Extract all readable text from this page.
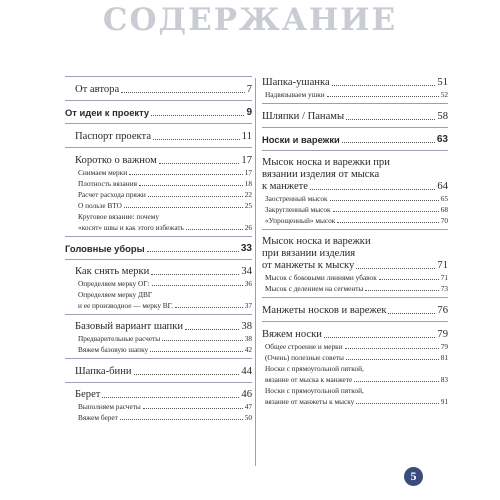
СОДЕРЖАНИЕ
От автора	7
От идеи к проекту	9
Паспорт проекта	11
Коротко о важном	17
Снимаем мерки	17
Плотность вязания	18
Расчет расхода пряжи	22
О пользе ВТО	25
Круговое вязание: почему
«косят» швы и как этого избежать	26
Головные уборы	33
Как снять мерки	34
Определяем мерку ОГ:	36
Определяем мерку ДВГ
и ее производное — мерку ВГ.	37
Базовый вариант шапки	38
Предварительные расчеты	38
Вяжем базовую шапку	42
Шапка-бини	44
Берет	46
Выполняем расчеты	47
Вяжем берет	50
Шапка-ушанка	51
Надвязываем ушки	52
Шляпки / Панамы	58
Носки и варежки	63
Мысок носка и варежки при
вязании изделия от мыска
к манжете	64
Заостренный мысок	65
Закругленный мысок	68
«Упрощенный» мысок	70
Мысок носка и варежки
при вязании изделия
от манжеты к мыску	71
Мысок с боковыми линиями убавок	71
Мысок с делением на сегменты	73
Манжеты носков и варежек	76
Вяжем носки	79
Общее строение и мерки	79
(Очень) полезные советы	81
Носки с прямоугольной пяткой,
вязание от мыска к манжете	83
Носки с прямоугольной пяткой,
вязание от манжеты к мыску	91
5
